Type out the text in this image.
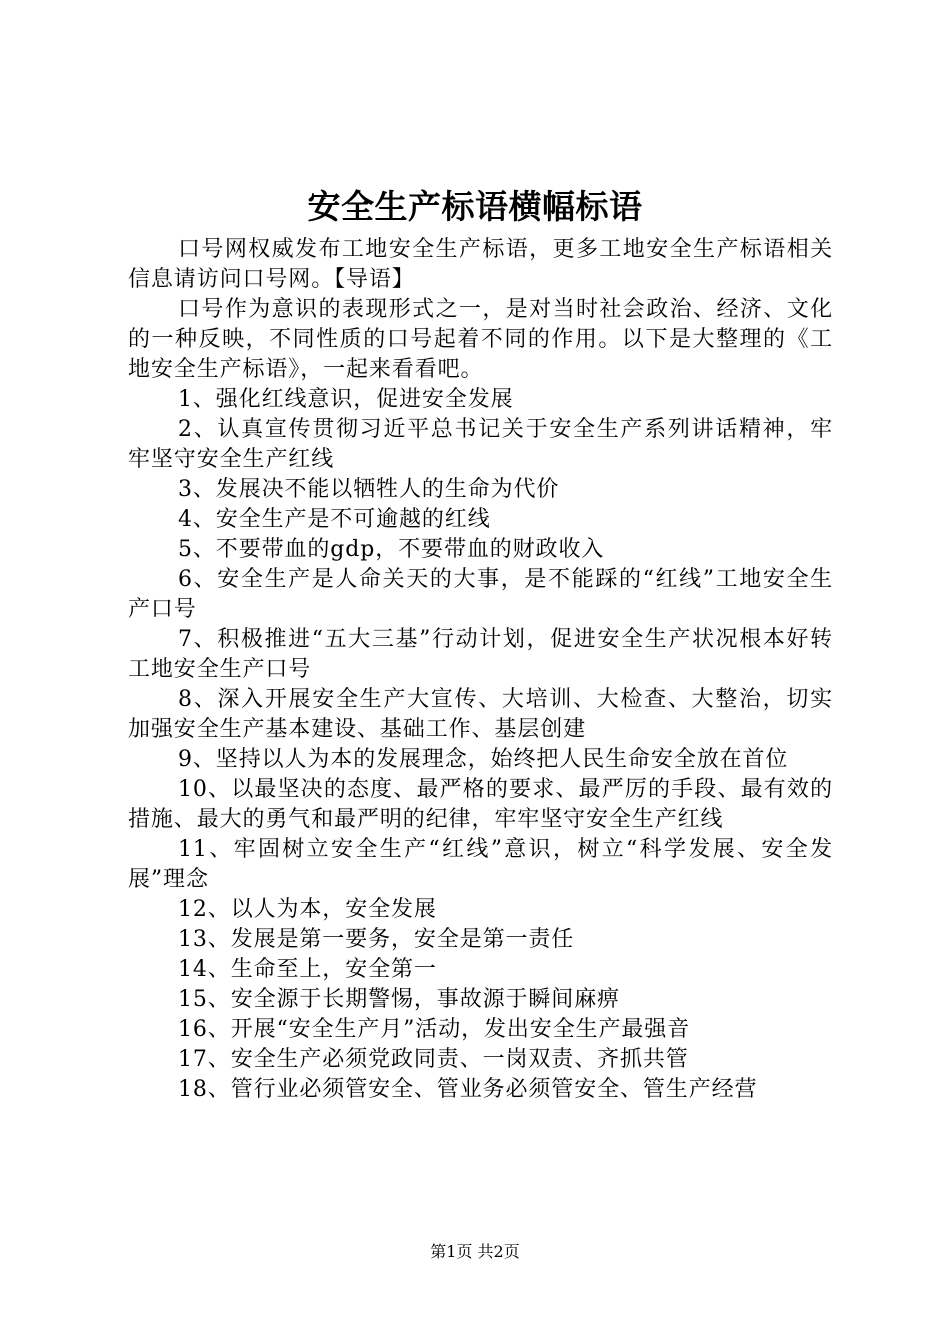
安全生产标语横幅标语

口号网权威发布工地安全生产标语，更多工地安全生产标语相关信息请访问口号网。【导语】

口号作为意识的表现形式之一，是对当时社会政治、经济、文化的一种反映，不同性质的口号起着不同的作用。以下是大整理的《工地安全生产标语》，一起来看看吧。

1、强化红线意识，促进安全发展

2、认真宣传贯彻习近平总书记关于安全生产系列讲话精神，牢牢坚守安全生产红线

3、发展决不能以牺牲人的生命为代价

4、安全生产是不可逾越的红线

5、不要带血的gdp，不要带血的财政收入

6、安全生产是人命关天的大事，是不能踩的“红线”工地安全生产口号

7、积极推进“五大三基”行动计划，促进安全生产状况根本好转工地安全生产口号

8、深入开展安全生产大宣传、大培训、大检查、大整治，切实加强安全生产基本建设、基础工作、基层创建

9、坚持以人为本的发展理念，始终把人民生命安全放在首位

10、以最坚决的态度、最严格的要求、最严厉的手段、最有效的措施、最大的勇气和最严明的纪律，牢牢坚守安全生产红线

11、牢固树立安全生产“红线”意识，树立“科学发展、安全发展”理念

12、以人为本，安全发展

13、发展是第一要务，安全是第一责任

14、生命至上，安全第一

15、安全源于长期警惕，事故源于瞬间麻痹

16、开展“安全生产月”活动，发出安全生产最强音

17、安全生产必须党政同责、一岗双责、齐抓共管

18、管行业必须管安全、管业务必须管安全、管生产经营

第1页 共2页
